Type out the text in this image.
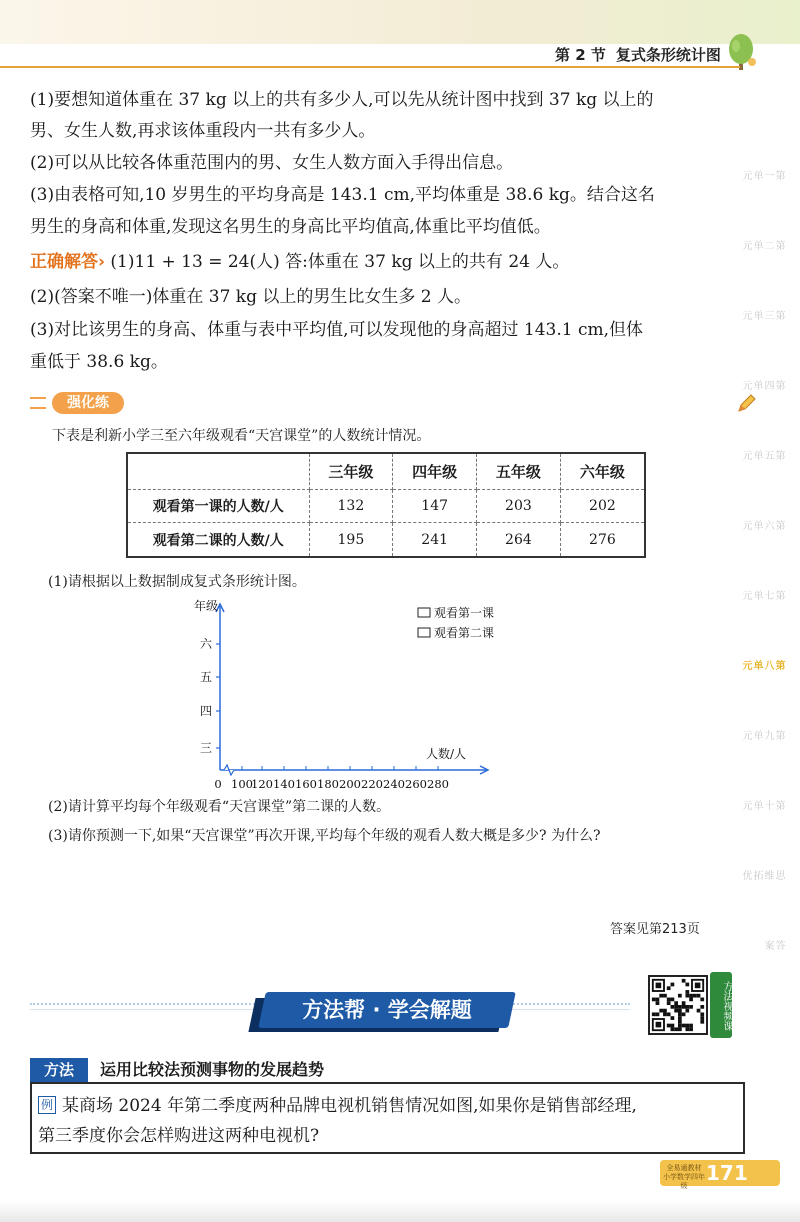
第 2 节 复式条形统计图
第一单元
第二单元
第三单元
第四单元
第五单元
第六单元
第七单元
第八单元
第九单元
第十单元
思维拓优
答案
(1)要想知道体重在 37 kg 以上的共有多少人,可以先从统计图中找到 37 kg 以上的
男、女生人数,再求该体重段内一共有多少人。
(2)可以从比较各体重范围内的男、女生人数方面入手得出信息。
(3)由表格可知,10 岁男生的平均身高是 143.1 cm,平均体重是 38.6 kg。结合这名
男生的身高和体重,发现这名男生的身高比平均值高,体重比平均值低。
正确解答› (1)11 + 13 = 24(人) 答:体重在 37 kg 以上的共有 24 人。
(2)(答案不唯一)体重在 37 kg 以上的男生比女生多 2 人。
(3)对比该男生的身高、体重与表中平均值,可以发现他的身高超过 143.1 cm,但体
重低于 38.6 kg。
强化练
下表是利新小学三至六年级观看“天宫课堂”的人数统计情况。
	三年级	四年级	五年级	六年级
观看第一课的人数/人	132	147	203	202
观看第二课的人数/人	195	241	264	276
(1)请根据以上数据制成复式条形统计图。
年级
三
四
五
六
0 100
120 140 160 180 200 220 240 260 280
人数/人
观看第一课
观看第二课
(2)请计算平均每个年级观看“天宫课堂”第二课的人数。
(3)请你预测一下,如果“天宫课堂”再次开课,平均每个年级的观看人数大概是多少? 为什么?
答案见第213页
方法帮 · 学会解题	方法视频课
方法	运用比较法预测事物的发展趋势
例 某商场 2024 年第二季度两种品牌电视机销售情况如图,如果你是销售部经理,
第三季度你会怎样购进这两种电视机?
全易通教材 小学数学四年级
171
